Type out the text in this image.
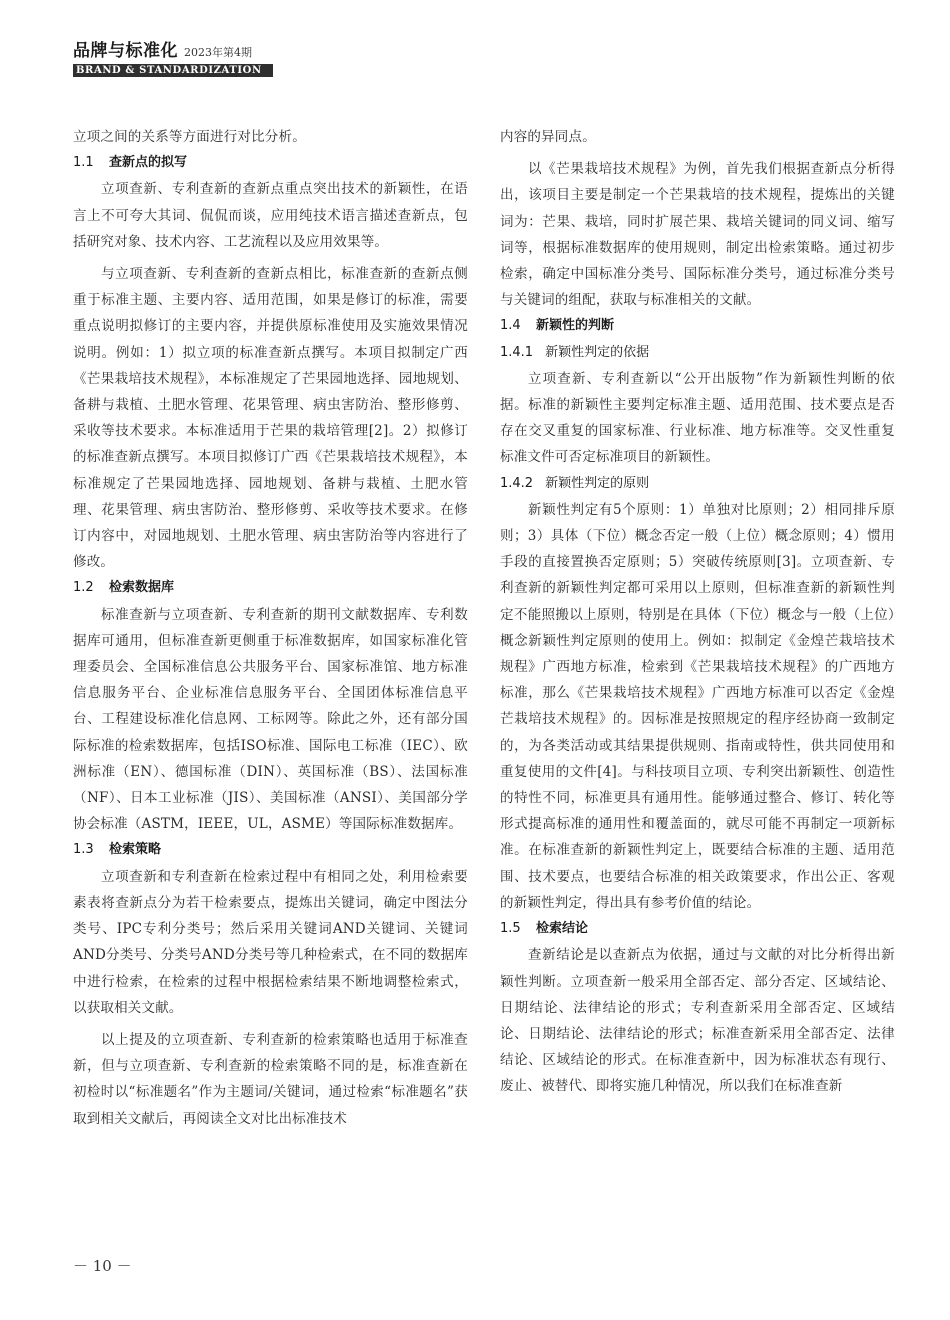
品牌与标准化 2023年第4期
BRAND & STANDARDIZATION

立项之间的关系等方面进行对比分析。

1.1 查新点的拟写

立项查新、专利查新的查新点重点突出技术的新颖性，在语言上不可夸大其词、侃侃而谈，应用纯技术语言描述查新点，包括研究对象、技术内容、工艺流程以及应用效果等。

与立项查新、专利查新的查新点相比，标准查新的查新点侧重于标准主题、主要内容、适用范围，如果是修订的标准，需要重点说明拟修订的主要内容，并提供原标准使用及实施效果情况说明。例如：1）拟立项的标准查新点撰写。本项目拟制定广西《芒果栽培技术规程》，本标准规定了芒果园地选择、园地规划、备耕与栽植、土肥水管理、花果管理、病虫害防治、整形修剪、采收等技术要求。本标准适用于芒果的栽培管理[2]。2）拟修订的标准查新点撰写。本项目拟修订广西《芒果栽培技术规程》，本标准规定了芒果园地选择、园地规划、备耕与栽植、土肥水管理、花果管理、病虫害防治、整形修剪、采收等技术要求。在修订内容中，对园地规划、土肥水管理、病虫害防治等内容进行了修改。

1.2 检索数据库

标准查新与立项查新、专利查新的期刊文献数据库、专利数据库可通用，但标准查新更侧重于标准数据库，如国家标准化管理委员会、全国标准信息公共服务平台、国家标准馆、地方标准信息服务平台、企业标准信息服务平台、全国团体标准信息平台、工程建设标准化信息网、工标网等。除此之外，还有部分国际标准的检索数据库，包括ISO标准、国际电工标准（IEC）、欧洲标准（EN）、德国标准（DIN）、英国标准（BS）、法国标准（NF）、日本工业标准（JIS）、美国标准（ANSI）、美国部分学协会标准（ASTM，IEEE，UL，ASME）等国际标准数据库。

1.3 检索策略

立项查新和专利查新在检索过程中有相同之处，利用检索要素表将查新点分为若干检索要点，提炼出关键词，确定中图法分类号、IPC专利分类号；然后采用关键词AND关键词、关键词AND分类号、分类号AND分类号等几种检索式，在不同的数据库中进行检索，在检索的过程中根据检索结果不断地调整检索式，以获取相关文献。

以上提及的立项查新、专利查新的检索策略也适用于标准查新，但与立项查新、专利查新的检索策略不同的是，标准查新在初检时以“标准题名”作为主题词/关键词，通过检索“标准题名”获取到相关文献后，再阅读全文对比出标准技术

内容的异同点。

以《芒果栽培技术规程》为例，首先我们根据查新点分析得出，该项目主要是制定一个芒果栽培的技术规程，提炼出的关键词为：芒果、栽培，同时扩展芒果、栽培关键词的同义词、缩写词等，根据标准数据库的使用规则，制定出检索策略。通过初步检索，确定中国标准分类号、国际标准分类号，通过标准分类号与关键词的组配，获取与标准相关的文献。

1.4 新颖性的判断
1.4.1 新颖性判定的依据

立项查新、专利查新以“公开出版物”作为新颖性判断的依据。标准的新颖性主要判定标准主题、适用范围、技术要点是否存在交叉重复的国家标准、行业标准、地方标准等。交叉性重复标准文件可否定标准项目的新颖性。

1.4.2 新颖性判定的原则

新颖性判定有5个原则：1）单独对比原则；2）相同排斥原则；3）具体（下位）概念否定一般（上位）概念原则；4）惯用手段的直接置换否定原则；5）突破传统原则[3]。立项查新、专利查新的新颖性判定都可采用以上原则，但标准查新的新颖性判定不能照搬以上原则，特别是在具体（下位）概念与一般（上位）概念新颖性判定原则的使用上。例如：拟制定《金煌芒栽培技术规程》广西地方标准，检索到《芒果栽培技术规程》的广西地方标准，那么《芒果栽培技术规程》广西地方标准可以否定《金煌芒栽培技术规程》的。因标准是按照规定的程序经协商一致制定的，为各类活动或其结果提供规则、指南或特性，供共同使用和重复使用的文件[4]。与科技项目立项、专利突出新颖性、创造性的特性不同，标准更具有通用性。能够通过整合、修订、转化等形式提高标准的通用性和覆盖面的，就尽可能不再制定一项新标准。在标准查新的新颖性判定上，既要结合标准的主题、适用范围、技术要点，也要结合标准的相关政策要求，作出公正、客观的新颖性判定，得出具有参考价值的结论。

1.5 检索结论

查新结论是以查新点为依据，通过与文献的对比分析得出新颖性判断。立项查新一般采用全部否定、部分否定、区域结论、日期结论、法律结论的形式；专利查新采用全部否定、区域结论、日期结论、法律结论的形式；标准查新采用全部否定、法律结论、区域结论的形式。在标准查新中，因为标准状态有现行、废止、被替代、即将实施几种情况，所以我们在标准查新

－ 10 －
